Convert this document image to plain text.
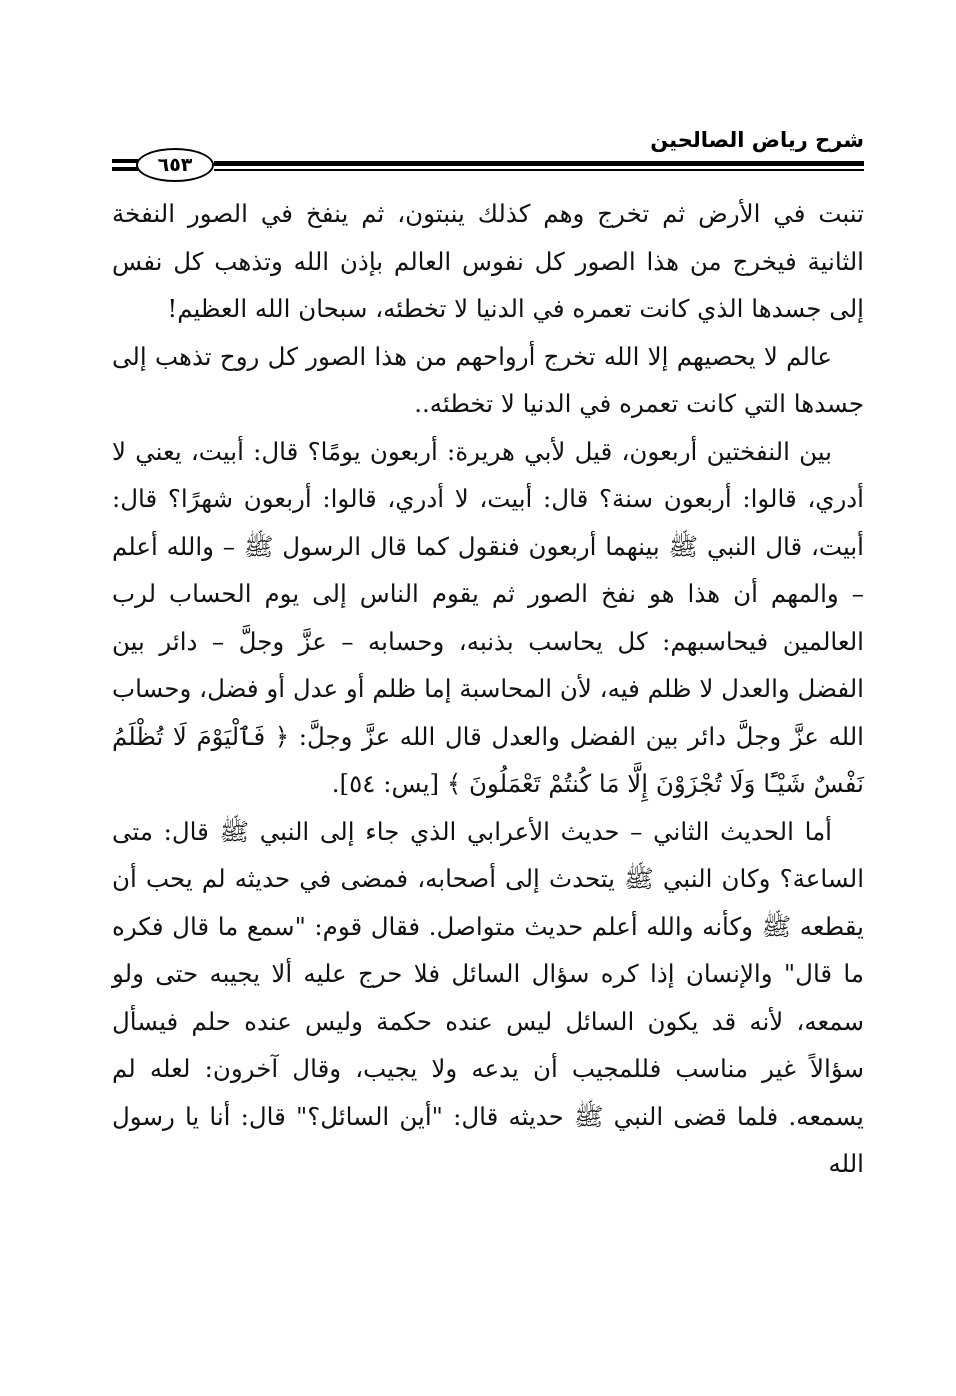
شرح رياض الصالحين
٦٥٣

تنبت في الأرض ثم تخرج وهم كذلك ينبتون، ثم ينفخ في الصور النفخة الثانية فيخرج من هذا الصور كل نفوس العالم بإذن الله وتذهب كل نفس إلى جسدها الذي كانت تعمره في الدنيا لا تخطئه، سبحان الله العظيم!

عالم لا يحصيهم إلا الله تخرج أرواحهم من هذا الصور كل روح تذهب إلى جسدها التي كانت تعمره في الدنيا لا تخطئه..

بين النفختين أربعون، قيل لأبي هريرة: أربعون يومًا؟ قال: أبيت، يعني لا أدري، قالوا: أربعون سنة؟ قال: أبيت، لا أدري، قالوا: أربعون شهرًا؟ قال: أبيت، قال النبي ﷺ بينهما أربعون فنقول كما قال الرسول ﷺ – والله أعلم – والمهم أن هذا هو نفخ الصور ثم يقوم الناس إلى يوم الحساب لرب العالمين فيحاسبهم: كل يحاسب بذنبه، وحسابه – عزَّ وجلَّ – دائر بين الفضل والعدل لا ظلم فيه، لأن المحاسبة إما ظلم أو عدل أو فضل، وحساب الله عزَّ وجلَّ دائر بين الفضل والعدل قال الله عزَّ وجلَّ: ﴿ فَٱلْيَوْمَ لَا تُظْلَمُ نَفْسٌ شَيْـًٔا وَلَا تُجْزَوْنَ إِلَّا مَا كُنتُمْ تَعْمَلُونَ ﴾ [يس: ٥٤].

أما الحديث الثاني – حديث الأعرابي الذي جاء إلى النبي ﷺ قال: متى الساعة؟ وكان النبي ﷺ يتحدث إلى أصحابه، فمضى في حديثه لم يحب أن يقطعه ﷺ وكأنه والله أعلم حديث متواصل. فقال قوم: "سمع ما قال فكره ما قال" والإنسان إذا كره سؤال السائل فلا حرج عليه ألا يجيبه حتى ولو سمعه، لأنه قد يكون السائل ليس عنده حكمة وليس عنده حلم فيسأل سؤالاً غير مناسب فللمجيب أن يدعه ولا يجيب، وقال آخرون: لعله لم يسمعه. فلما قضى النبي ﷺ حديثه قال: "أين السائل؟" قال: أنا يا رسول الله
